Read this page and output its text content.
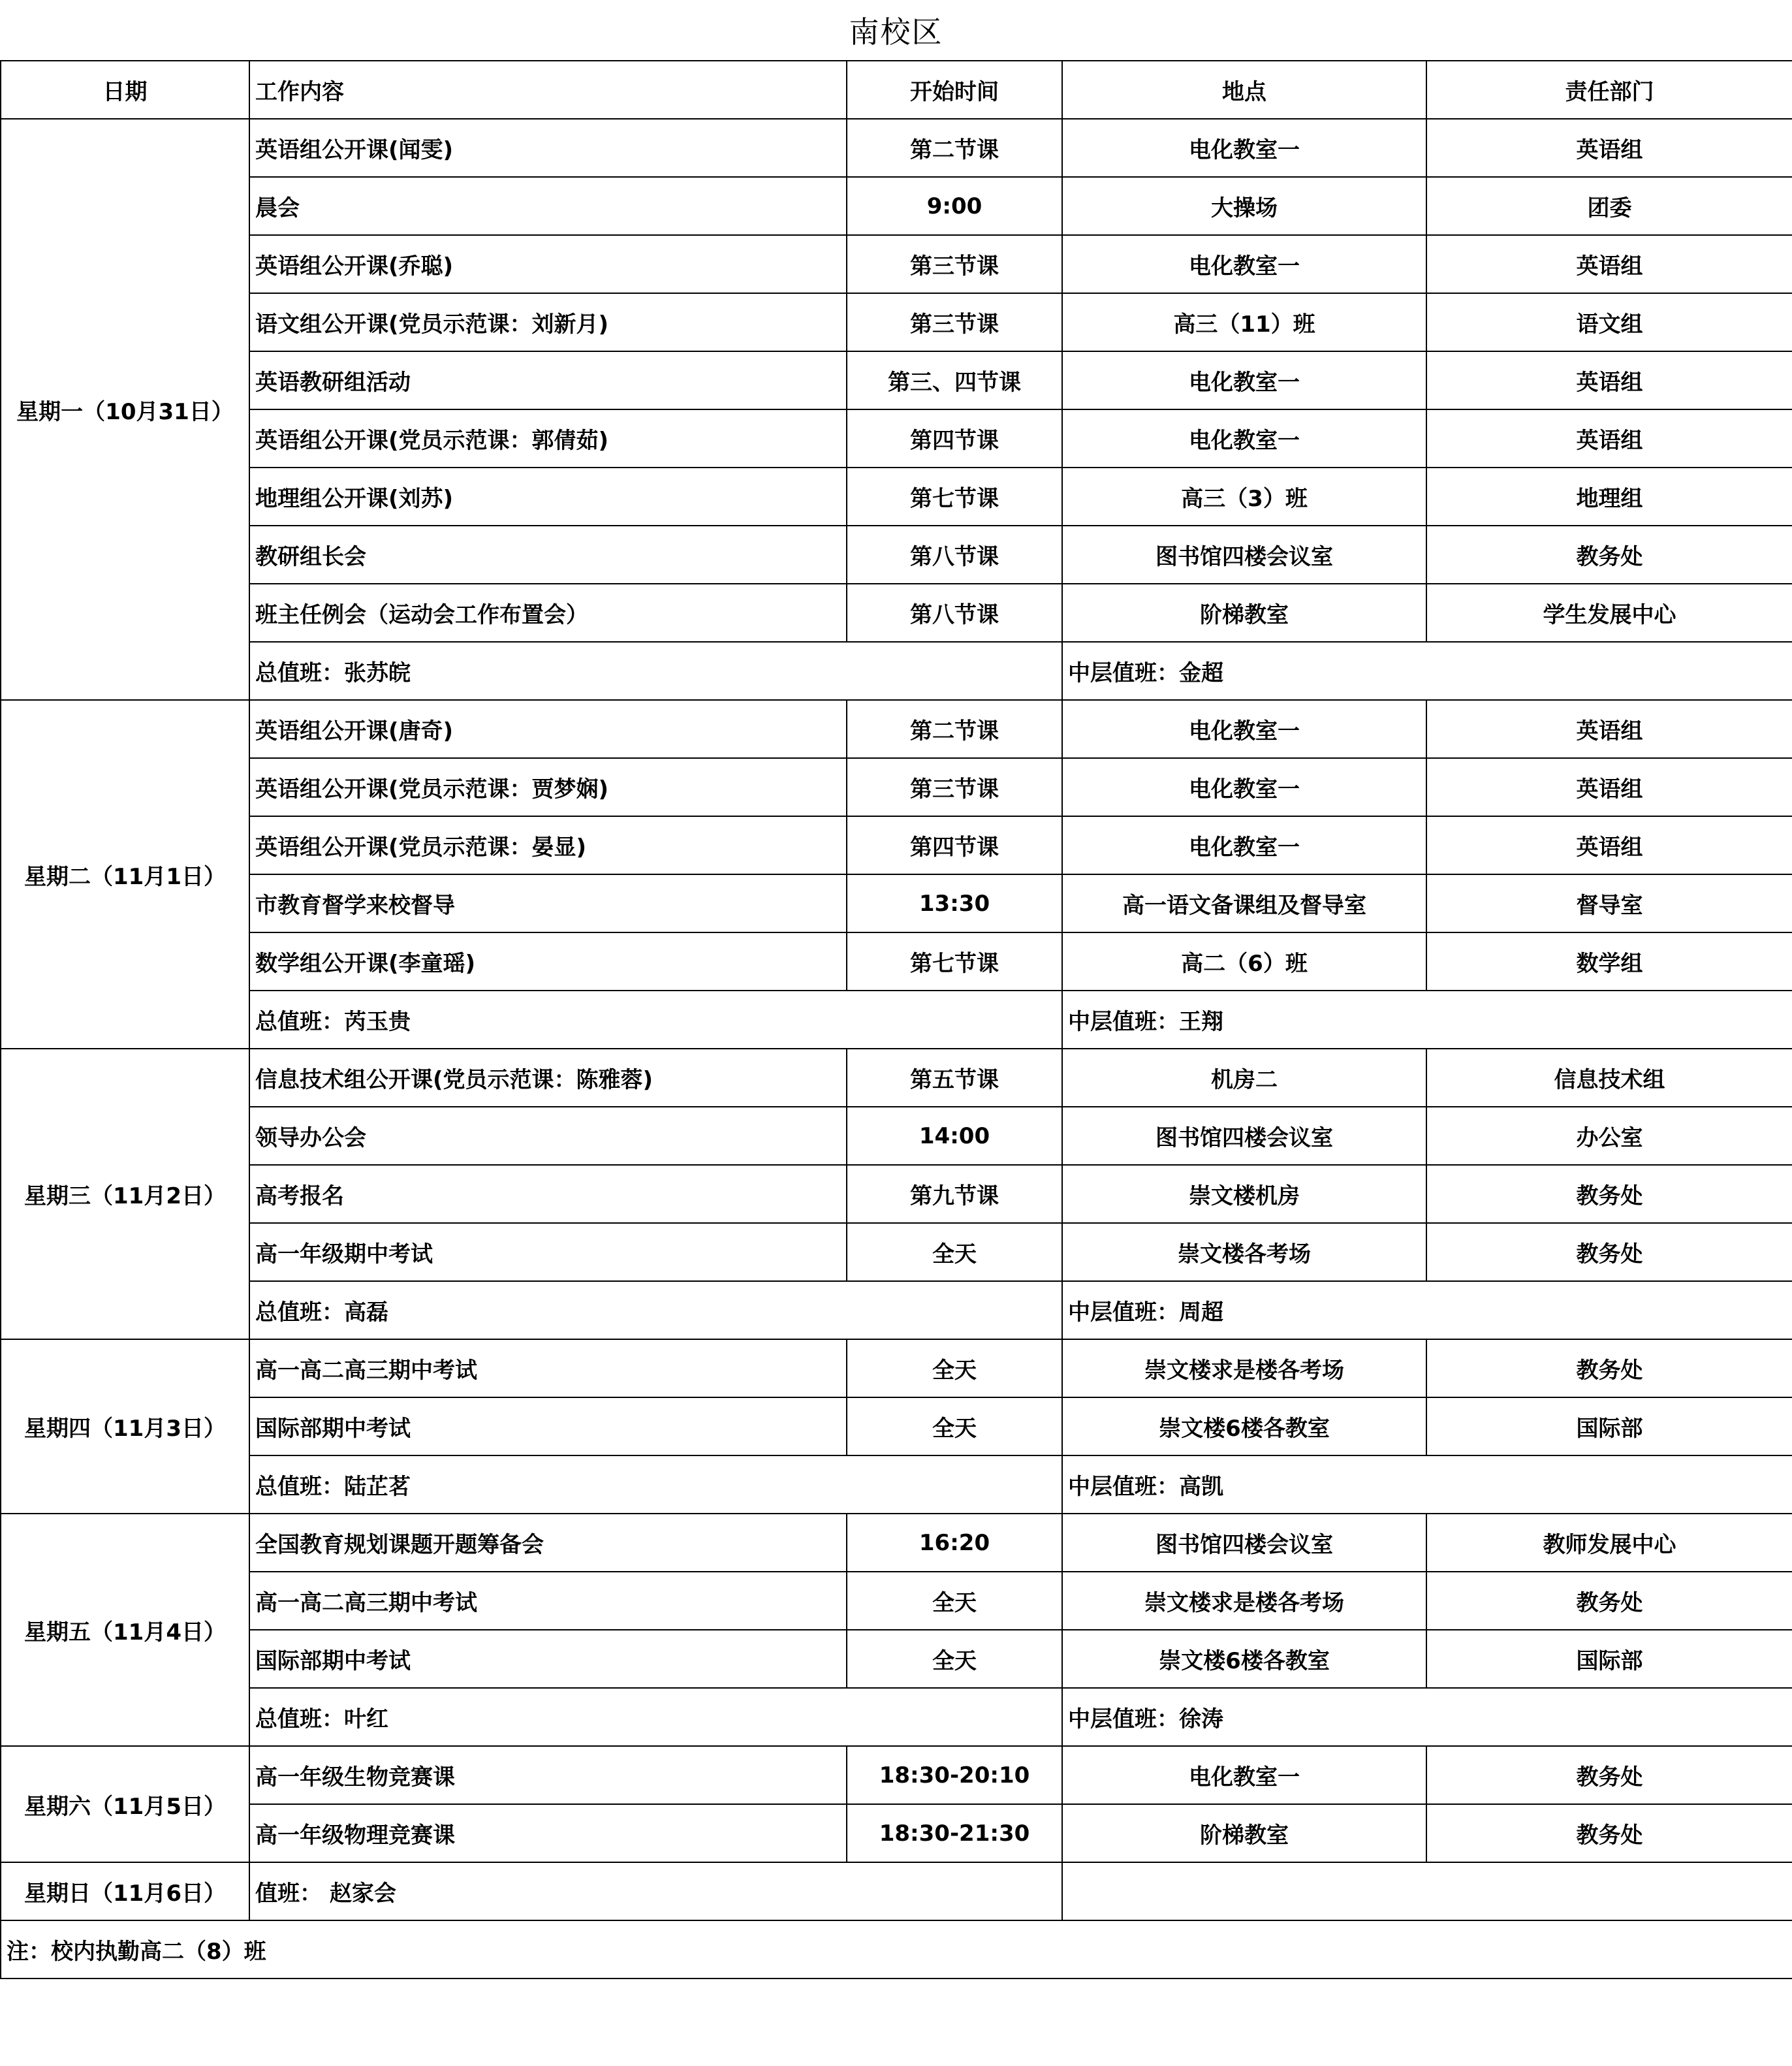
南校区
日期	工作内容	开始时间	地点	责任部门
星期一（10月31日）	英语组公开课(闻雯)	第二节课	电化教室一	英语组
	晨会	9:00	大操场	团委
	英语组公开课(乔聪)	第三节课	电化教室一	英语组
	语文组公开课(党员示范课：刘新月)	第三节课	高三（11）班	语文组
	英语教研组活动	第三、四节课	电化教室一	英语组
	英语组公开课(党员示范课：郭倩茹)	第四节课	电化教室一	英语组
	地理组公开课(刘苏)	第七节课	高三（3）班	地理组
	教研组长会	第八节课	图书馆四楼会议室	教务处
	班主任例会（运动会工作布置会）	第八节课	阶梯教室	学生发展中心
	总值班：张苏皖		中层值班：金超	
星期二（11月1日）	英语组公开课(唐奇)	第二节课	电化教室一	英语组
	英语组公开课(党员示范课：贾梦娴)	第三节课	电化教室一	英语组
	英语组公开课(党员示范课：晏显)	第四节课	电化教室一	英语组
	市教育督学来校督导	13:30	高一语文备课组及督导室	督导室
	数学组公开课(李童瑶)	第七节课	高二（6）班	数学组
	总值班：芮玉贵		中层值班：王翔	
星期三（11月2日）	信息技术组公开课(党员示范课：陈雅蓉)	第五节课	机房二	信息技术组
	领导办公会	14:00	图书馆四楼会议室	办公室
	高考报名	第九节课	崇文楼机房	教务处
	高一年级期中考试	全天	崇文楼各考场	教务处
	总值班：高磊		中层值班：周超	
星期四（11月3日）	高一高二高三期中考试	全天	崇文楼求是楼各考场	教务处
	国际部期中考试	全天	崇文楼6楼各教室	国际部
	总值班：陆芷茗		中层值班：高凯	
星期五（11月4日）	全国教育规划课题开题筹备会	16:20	图书馆四楼会议室	教师发展中心
	高一高二高三期中考试	全天	崇文楼求是楼各考场	教务处
	国际部期中考试	全天	崇文楼6楼各教室	国际部
	总值班：叶红		中层值班：徐涛	
星期六（11月5日）	高一年级生物竞赛课	18:30-20:10	电化教室一	教务处
	高一年级物理竞赛课	18:30-21:30	阶梯教室	教务处
星期日（11月6日）	值班： 赵家会			
注：校内执勤高二（8）班				
